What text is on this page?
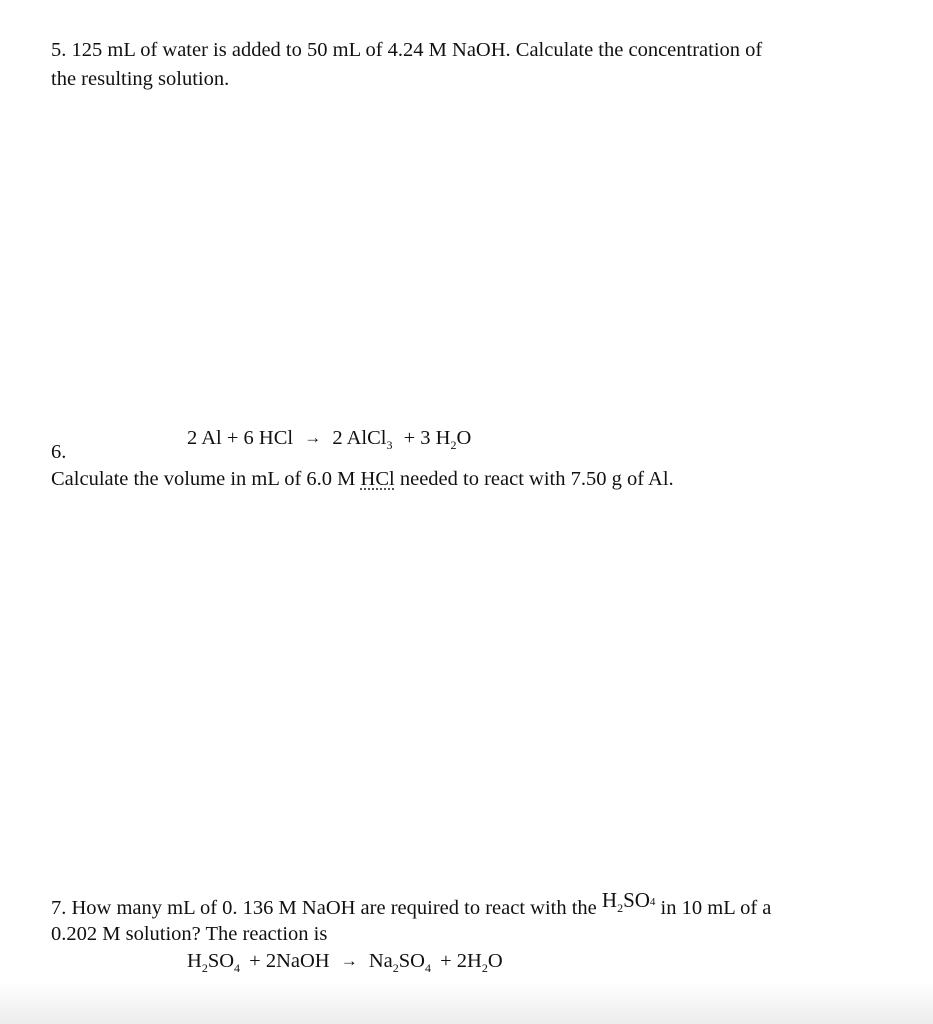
5. 125 mL of water is added to 50 mL of 4.24 M NaOH. Calculate the concentration of
the resulting solution.
2 Al + 6 HCl → 2 AlCl$_3$ + 3 $H_2O$
6.
Calculate the volume in mL of 6.0 M HCl needed to react with 7.50 g of Al.
7. How many mL of 0. 136 M NaOH are required to react with the $H_2SO4$ in 10 mL of a
0.202 M solution? The reaction is
$H_2SO_4$ + 2NaOH → $Na_2SO_4 + 2H_2O$
